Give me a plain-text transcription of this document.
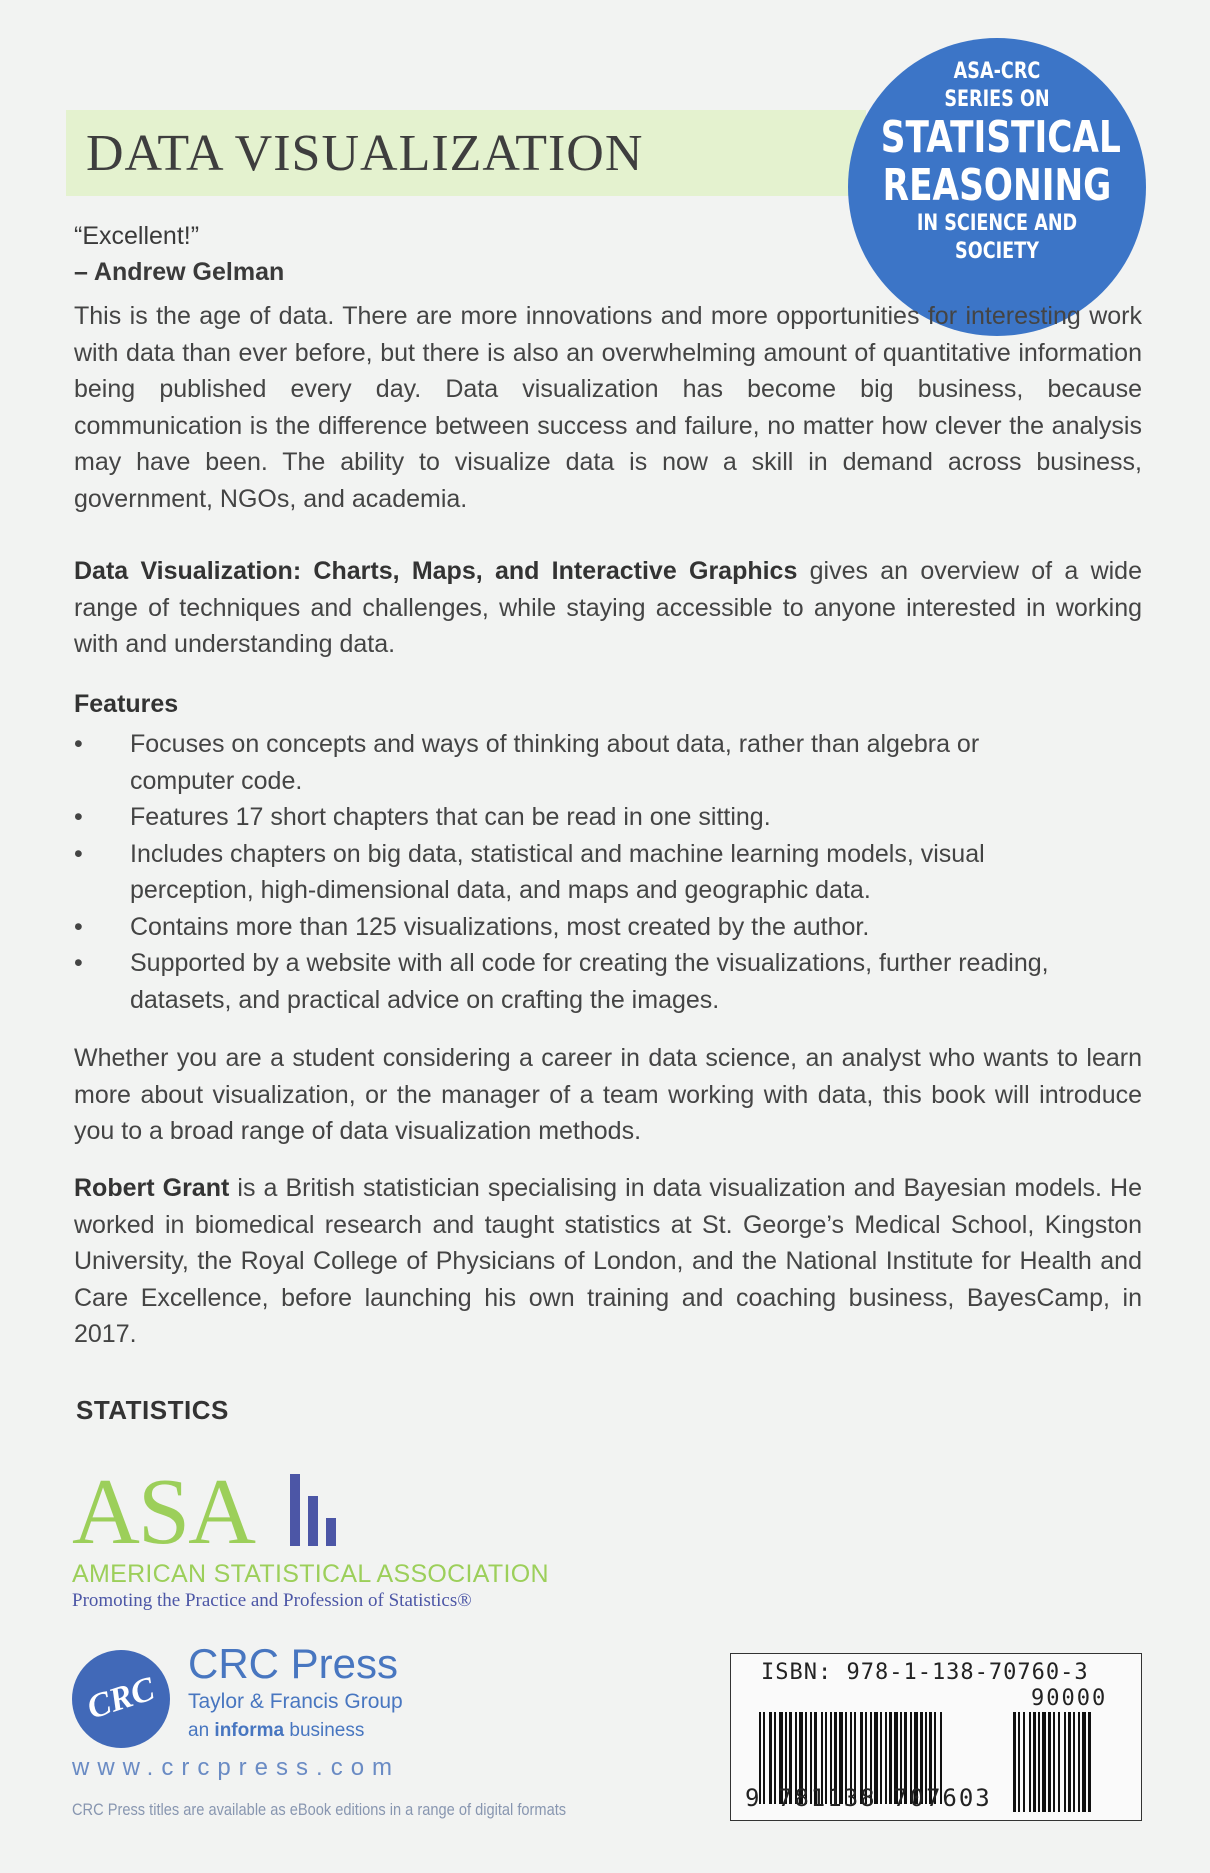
DATA VISUALIZATION
ASA-CRC
SERIES ON
STATISTICAL
REASONING
IN SCIENCE AND
SOCIETY
“Excellent!”
– Andrew Gelman

This is the age of data. There are more innovations and more opportunities for interesting work with data than ever before, but there is also an overwhelming amount of quantitative information being published every day. Data visualization has become big business, because communication is the difference between success and failure, no matter how clever the analysis may have been. The ability to visualize data is now a skill in demand across business, government, NGOs, and academia.

Data Visualization: Charts, Maps, and Interactive Graphics gives an overview of a wide range of techniques and challenges, while staying accessible to anyone interested in working with and understanding data.

Features
• Focuses on concepts and ways of thinking about data, rather than algebra or computer code.
• Features 17 short chapters that can be read in one sitting.
• Includes chapters on big data, statistical and machine learning models, visual perception, high-dimensional data, and maps and geographic data.
• Contains more than 125 visualizations, most created by the author.
• Supported by a website with all code for creating the visualizations, further reading, datasets, and practical advice on crafting the images.

Whether you are a student considering a career in data science, an analyst who wants to learn more about visualization, or the manager of a team working with data, this book will introduce you to a broad range of data visualization methods.

Robert Grant is a British statistician specialising in data visualization and Bayesian models. He worked in biomedical research and taught statistics at St. George’s Medical School, Kingston University, the Royal College of Physicians of London, and the National Institute for Health and Care Excellence, before launching his own training and coaching business, BayesCamp, in 2017.

STATISTICS
ASA
AMERICAN STATISTICAL ASSOCIATION
Promoting the Practice and Profession of Statistics®
CRC
CRC Press
Taylor & Francis Group
an informa business
www.crcpress.com
CRC Press titles are available as eBook editions in a range of digital formats
ISBN: 978-1-138-70760-3
90000
9 781138 707603
